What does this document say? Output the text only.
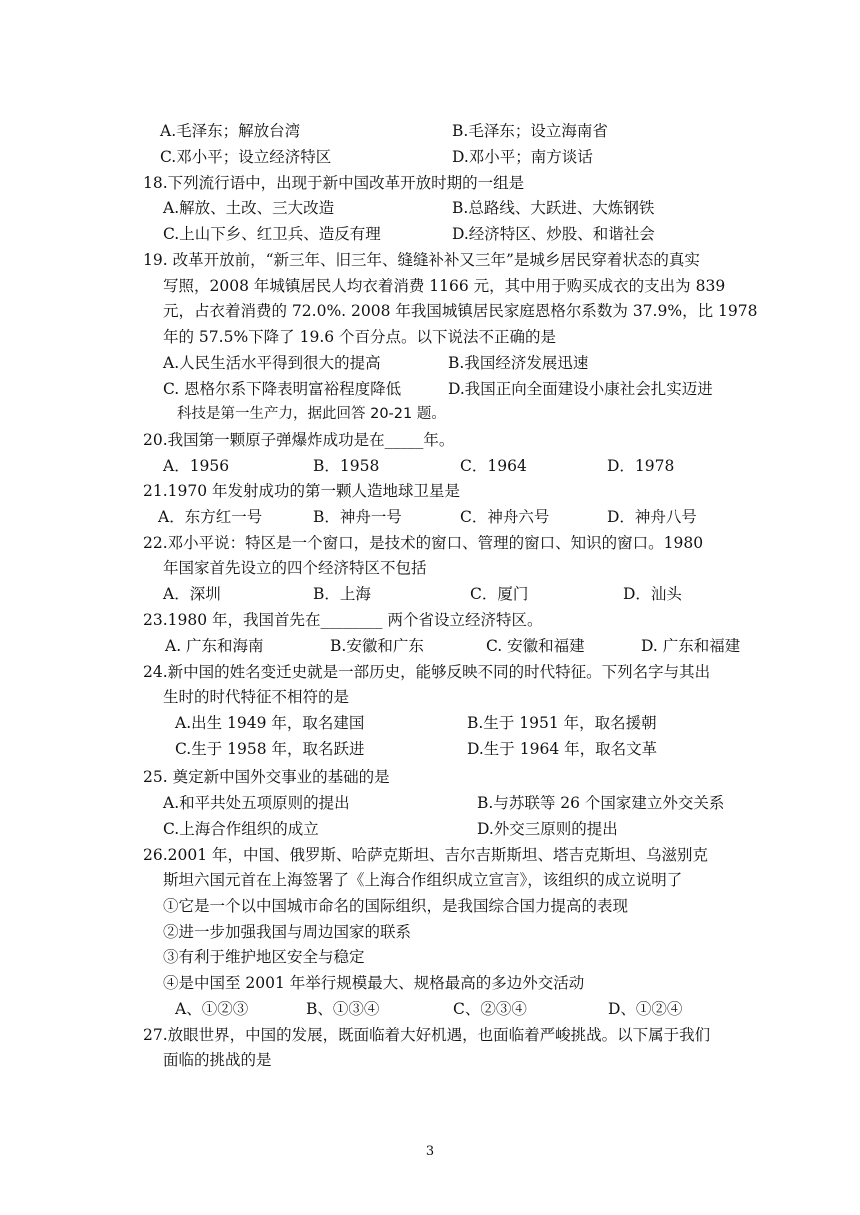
A.毛泽东；解放台湾	B.毛泽东；设立海南省
C.邓小平；设立经济特区	D.邓小平；南方谈话
18.下列流行语中，出现于新中国改革开放时期的一组是
A.解放、土改、三大改造	B.总路线、大跃进、大炼钢铁
C.上山下乡、红卫兵、造反有理	D.经济特区、炒股、和谐社会
19. 改革开放前，“新三年、旧三年、缝缝补补又三年”是城乡居民穿着状态的真实
写照，2008 年城镇居民人均衣着消费 1166 元，其中用于购买成衣的支出为 839
元，占衣着消费的 72.0%. 2008 年我国城镇居民家庭恩格尔系数为 37.9%，比 1978
年的 57.5%下降了 19.6 个百分点。以下说法不正确的是
A.人民生活水平得到很大的提高	B.我国经济发展迅速
C. 恩格尔系下降表明富裕程度降低	D.我国正向全面建设小康社会扎实迈进
科技是第一生产力，据此回答 20-21 题。
20.我国第一颗原子弹爆炸成功是在_____年。
A．1956	B．1958	C．1964	D．1978
21.1970 年发射成功的第一颗人造地球卫星是
A．东方红一号	B．神舟一号	C．神舟六号	D．神舟八号
22.邓小平说：特区是一个窗口，是技术的窗口、管理的窗口、知识的窗口。1980
年国家首先设立的四个经济特区不包括
A．深圳	B．上海	C．厦门	D．汕头
23.1980 年，我国首先在________ 两个省设立经济特区。
A. 广东和海南	B.安徽和广东	C. 安徽和福建	D. 广东和福建
24.新中国的姓名变迁史就是一部历史，能够反映不同的时代特征。下列名字与其出
生时的时代特征不相符的是
A.出生 1949 年，取名建国	B.生于 1951 年，取名援朝
C.生于 1958 年，取名跃进	D.生于 1964 年，取名文革
25. 奠定新中国外交事业的基础的是
A.和平共处五项原则的提出	B.与苏联等 26 个国家建立外交关系
C.上海合作组织的成立	D.外交三原则的提出
26.2001 年，中国、俄罗斯、哈萨克斯坦、吉尔吉斯斯坦、塔吉克斯坦、乌滋别克
斯坦六国元首在上海签署了《上海合作组织成立宣言》，该组织的成立说明了
①它是一个以中国城市命名的国际组织，是我国综合国力提高的表现
②进一步加强我国与周边国家的联系
③有利于维护地区安全与稳定
④是中国至 2001 年举行规模最大、规格最高的多边外交活动
A、①②③	B、①③④	C、②③④	D、①②④
27.放眼世界，中国的发展，既面临着大好机遇，也面临着严峻挑战。以下属于我们
面临的挑战的是
3
